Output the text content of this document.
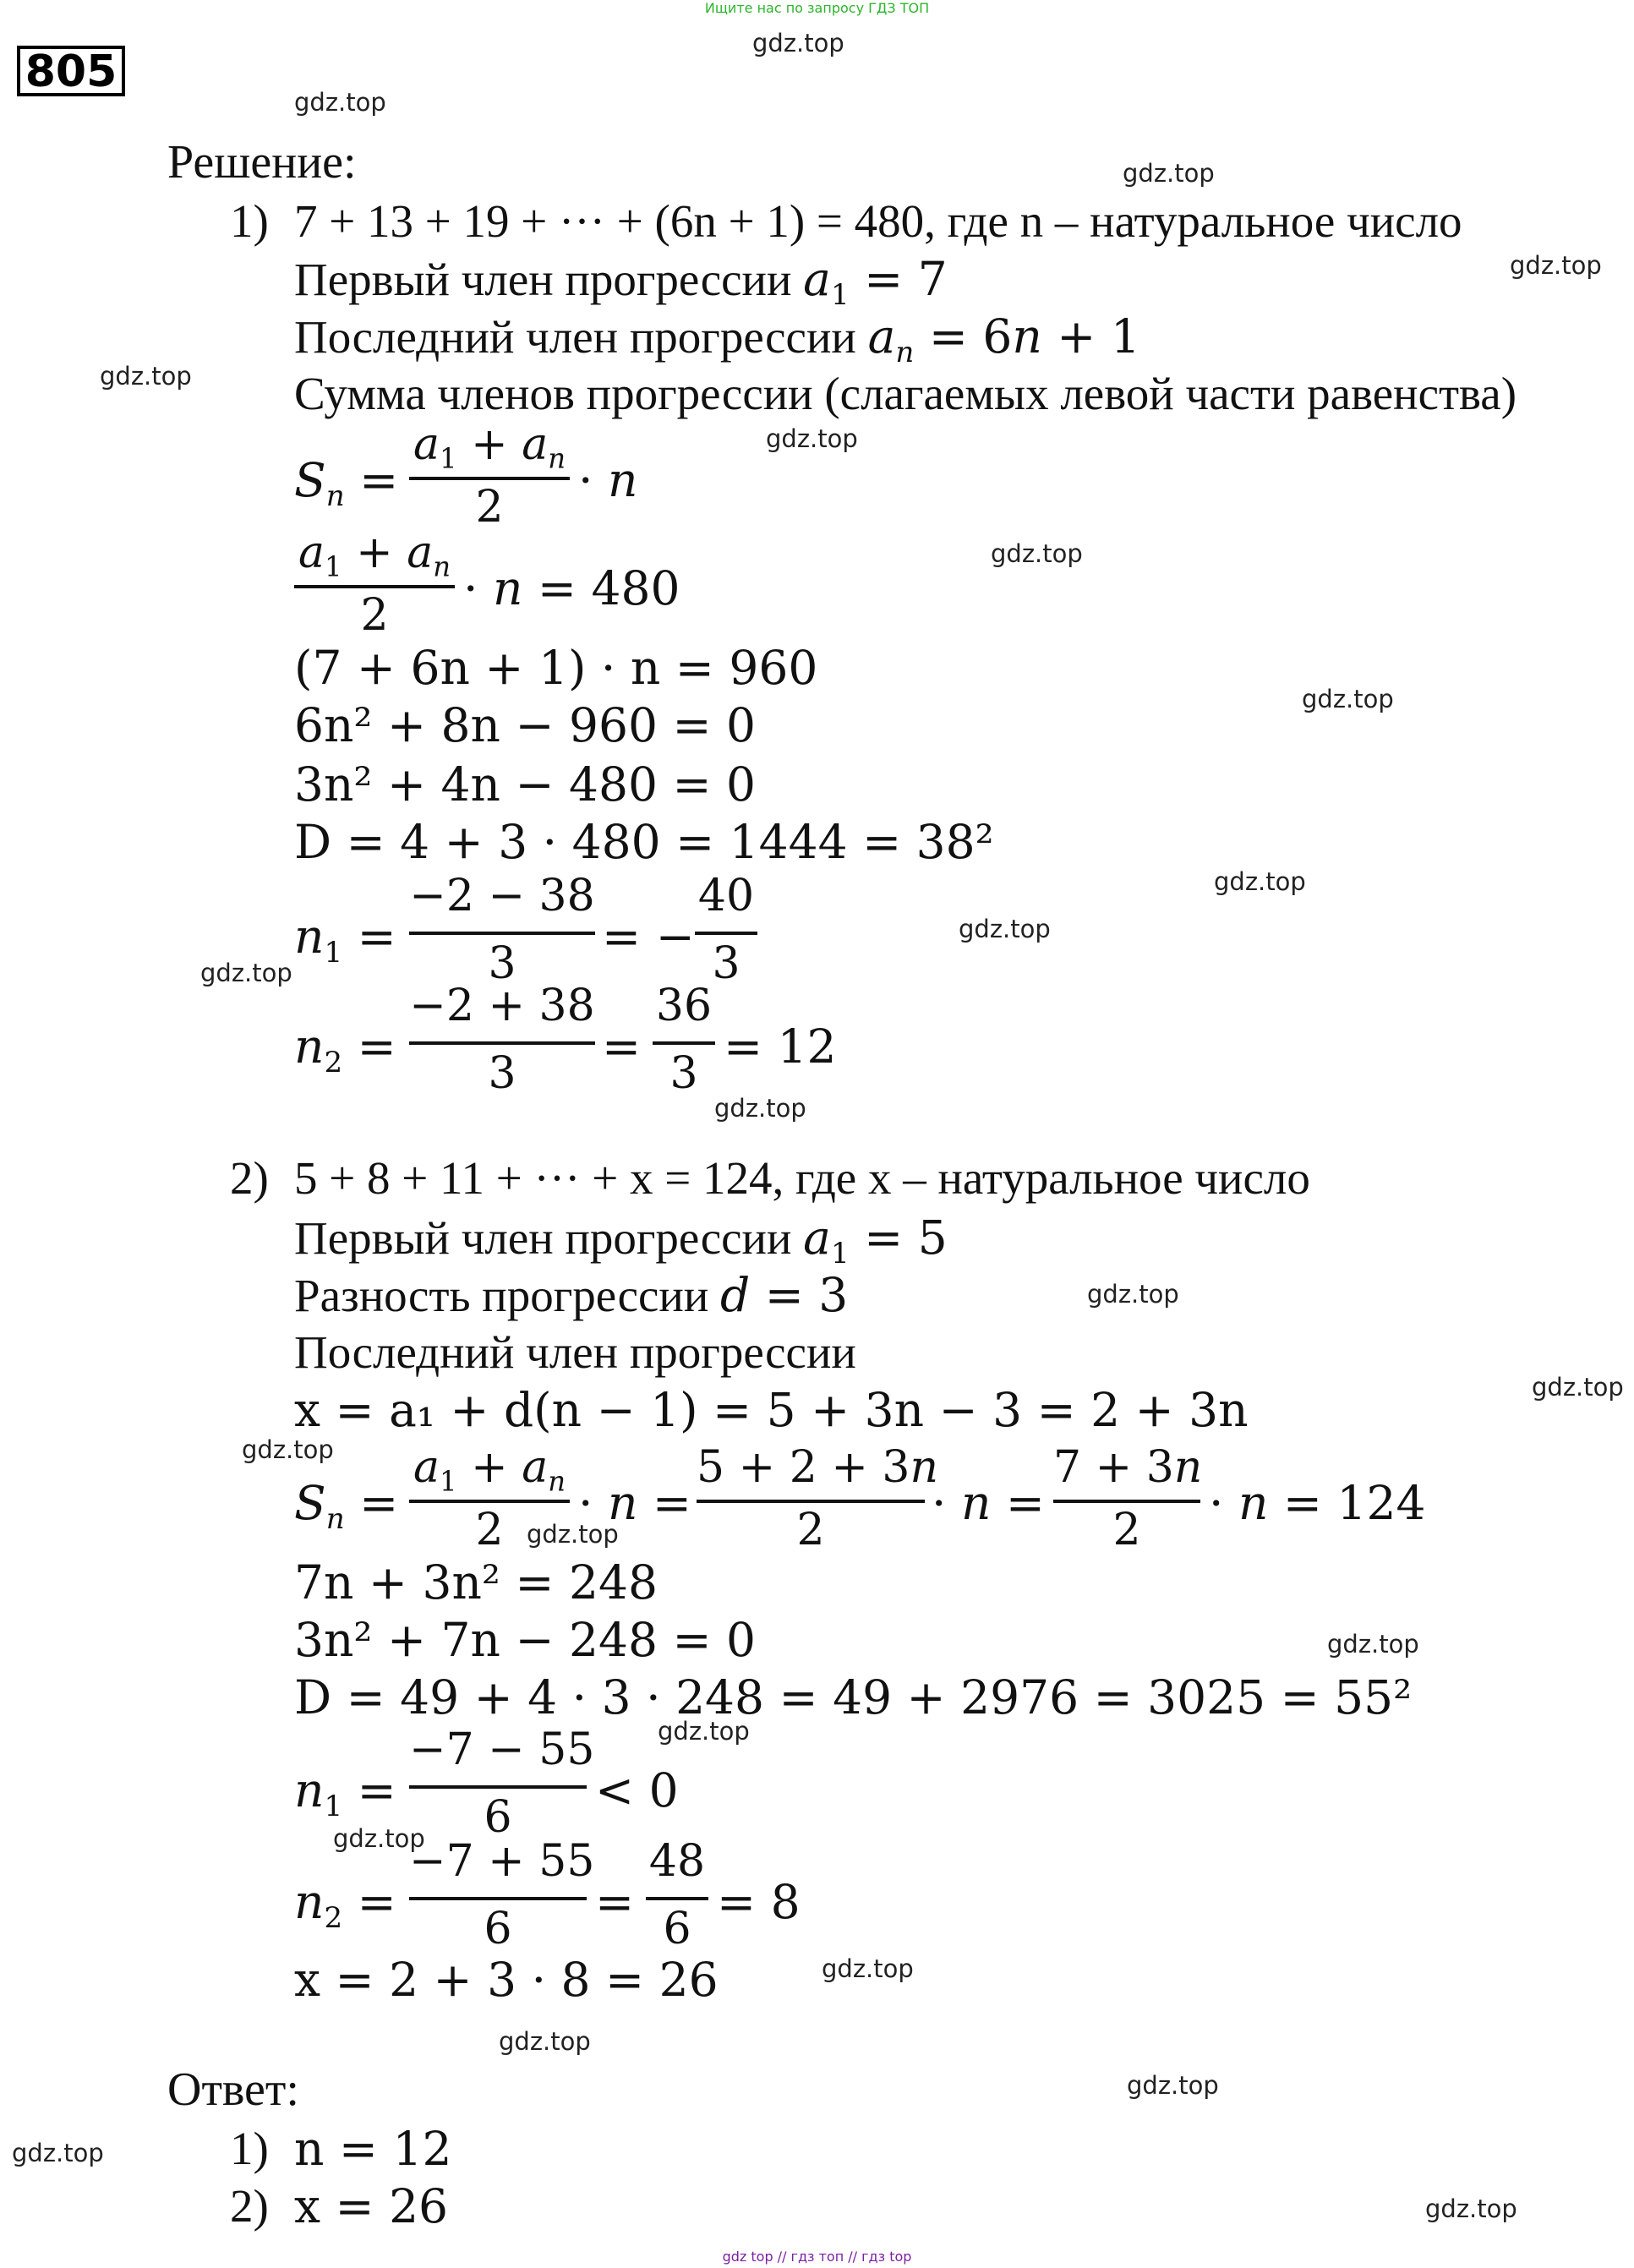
Ищите нас по запросу ГДЗ ТОП
805
gdz.top
gdz.top
gdz.top
gdz.top
gdz.top
gdz.top
gdz.top
gdz.top
gdz.top
gdz.top
gdz.top
gdz.top
gdz.top
gdz.top
gdz.top
gdz.top
gdz.top
gdz.top
gdz.top
gdz.top
gdz.top
gdz.top
gdz.top
gdz.top
Решение:
1) 7 + 13 + 19 + ··· + (6n + 1) = 480, где n – натуральное число
Первый член прогрессии $a_1 = 7$
Последний член прогрессии $a_n = 6n + 1$
Сумма членов прогрессии (слагаемых левой части равенства)
$S_n$ =
$a_1 + a_n$
2	· n
$a_1 + a_n$
2	· n = 480
(7 + 6n + 1) · n = 960
6n² + 8n − 960 = 0
3n² + 4n − 480 = 0
D = 4 + 3 · 480 = 1444 = 38²
$n_1$ =
−2 − 38
3	= −
40
3
$n_2$ =
−2 + 38
3	=
36
3 = 12
2) 5 + 8 + 11 + ··· + x = 124, где x – натуральное число
Первый член прогрессии $a_1 = 5$
Разность прогрессии d = 3
Последний член прогрессии
x = a₁ + d(n − 1) = 5 + 3n − 3 = 2 + 3n
$S_n$ =
$a_1 + a_n$
2	· n =
5 + 2 + 3n
2	· n =
7 + 3n
2	· n = 124
7n + 3n² = 248
3n² + 7n − 248 = 0
D = 49 + 4 · 3 · 248 = 49 + 2976 = 3025 = 55²
$n_1$ =
−7 − 55
6	< 0
$n_2$ =
−7 + 55
6	=
48
6 = 8
x = 2 + 3 · 8 = 26
Ответ:
1) n = 12
2) x = 26
gdz top // гдз топ // гдз top
